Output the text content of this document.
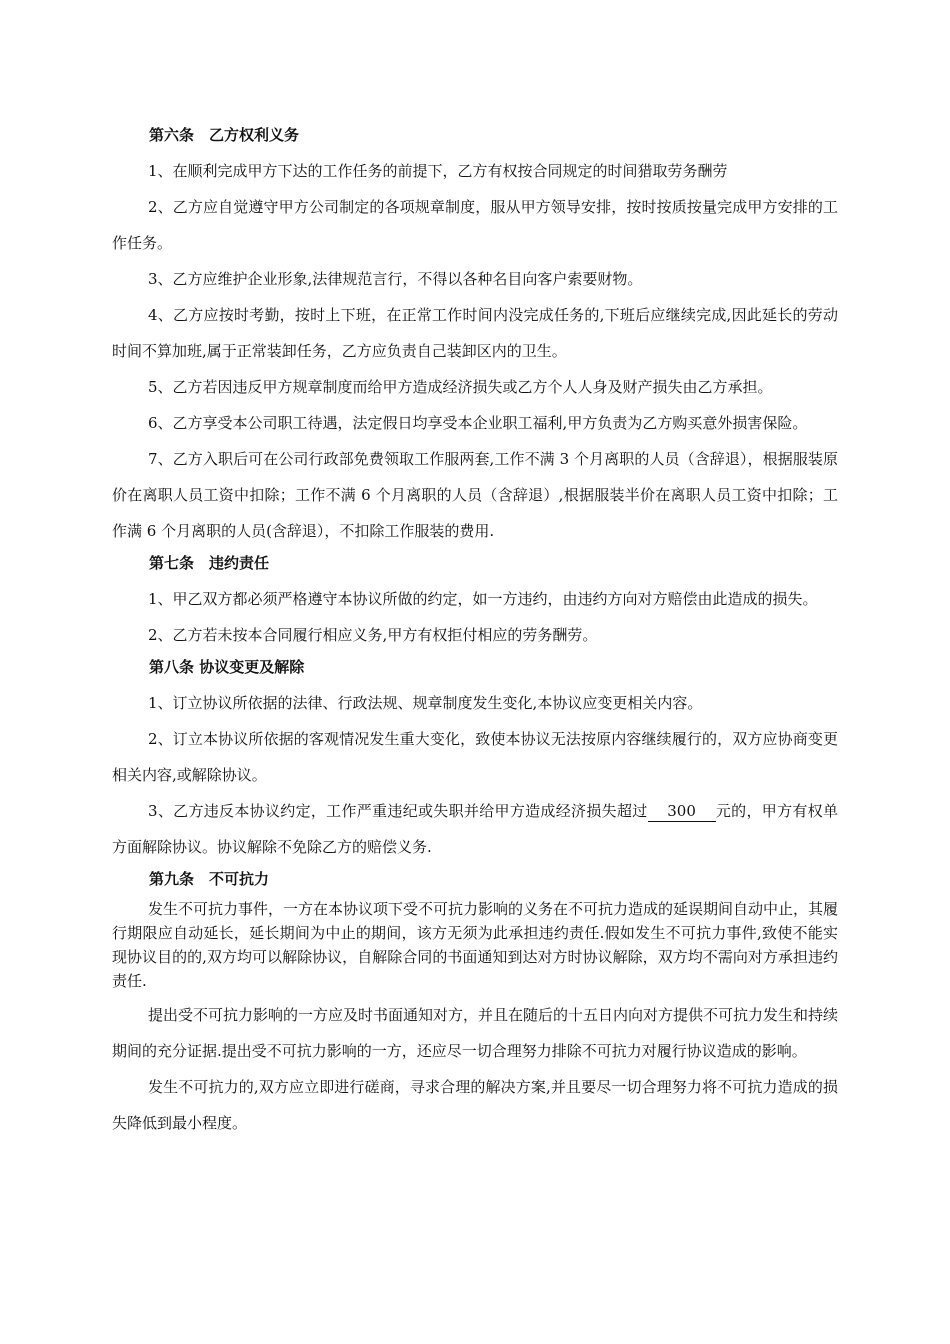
第六条　乙方权利义务

1、在顺利完成甲方下达的工作任务的前提下，乙方有权按合同规定的时间猎取劳务酬劳

2、乙方应自觉遵守甲方公司制定的各项规章制度，服从甲方领导安排，按时按质按量完成甲方安排的工作任务。

3、乙方应维护企业形象,法律规范言行，不得以各种名目向客户索要财物。

4、乙方应按时考勤，按时上下班，在正常工作时间内没完成任务的,下班后应继续完成,因此延长的劳动时间不算加班,属于正常装卸任务，乙方应负责自己装卸区内的卫生。

5、乙方若因违反甲方规章制度而给甲方造成经济损失或乙方个人人身及财产损失由乙方承担。

6、乙方享受本公司职工待遇，法定假日均享受本企业职工福利,甲方负责为乙方购买意外损害保险。

7、乙方入职后可在公司行政部免费领取工作服两套,工作不满 3 个月离职的人员（含辞退），根据服装原价在离职人员工资中扣除；工作不满 6 个月离职的人员（含辞退）,根据服装半价在离职人员工资中扣除；工作满 6 个月离职的人员(含辞退），不扣除工作服装的费用.

第七条　违约责任

1、甲乙双方都必须严格遵守本协议所做的约定，如一方违约，由违约方向对方赔偿由此造成的损失。

2、乙方若未按本合同履行相应义务,甲方有权拒付相应的劳务酬劳。

第八条 协议变更及解除

1、订立协议所依据的法律、行政法规、规章制度发生变化,本协议应变更相关内容。

2、订立本协议所依据的客观情况发生重大变化，致使本协议无法按原内容继续履行的，双方应协商变更相关内容,或解除协议。

3、乙方违反本协议约定，工作严重违纪或失职并给甲方造成经济损失超过 300 元的，甲方有权单方面解除协议。协议解除不免除乙方的赔偿义务.

第九条　不可抗力

发生不可抗力事件，一方在本协议项下受不可抗力影响的义务在不可抗力造成的延误期间自动中止，其履行期限应自动延长，延长期间为中止的期间，该方无须为此承担违约责任.假如发生不可抗力事件,致使不能实现协议目的的,双方均可以解除协议，自解除合同的书面通知到达对方时协议解除，双方均不需向对方承担违约责任.

提出受不可抗力影响的一方应及时书面通知对方，并且在随后的十五日内向对方提供不可抗力发生和持续期间的充分证据.提出受不可抗力影响的一方，还应尽一切合理努力排除不可抗力对履行协议造成的影响。

发生不可抗力的,双方应立即进行磋商，寻求合理的解决方案,并且要尽一切合理努力将不可抗力造成的损失降低到最小程度。
